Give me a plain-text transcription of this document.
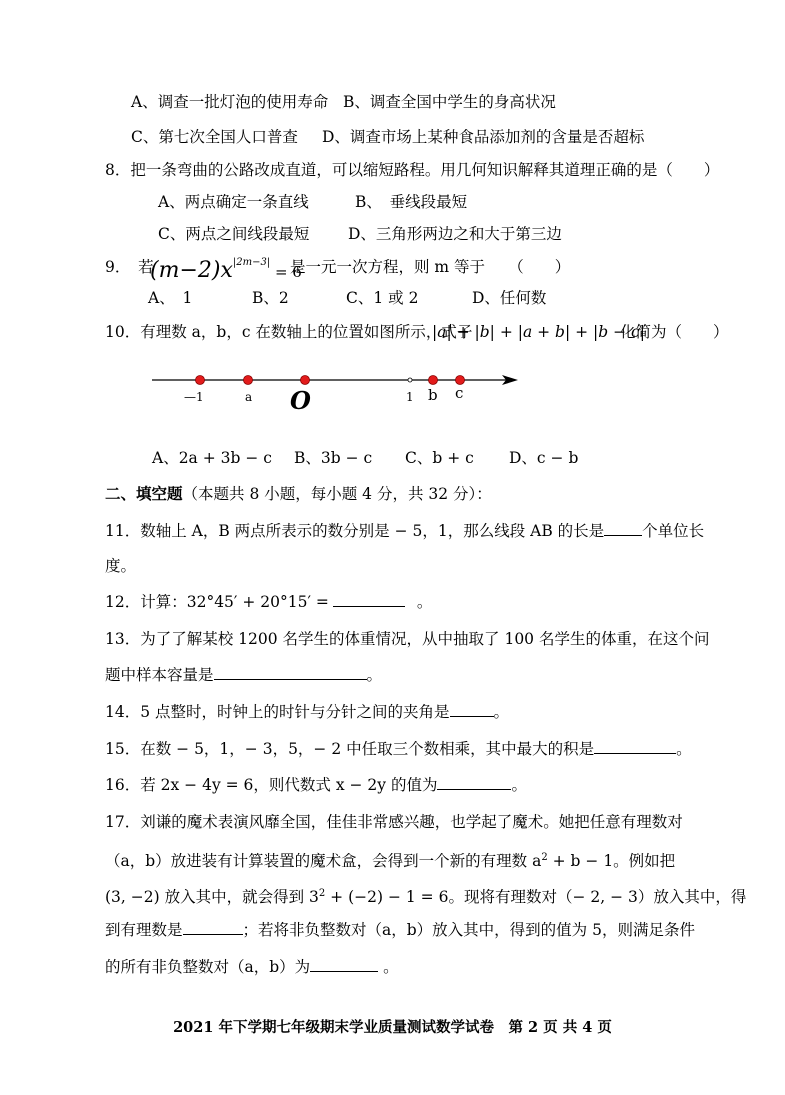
A、调查一批灯泡的使用寿命 B、调查全国中学生的身高状况
C、第七次全国人口普查 D、调查市场上某种食品添加剂的含量是否超标
8．把一条弯曲的公路改成直道，可以缩短路程。用几何知识解释其道理正确的是（　　）
A、两点确定一条直线	B、　垂线段最短
C、两点之间线段最短 D、三角形两边之和大于第三边
9．　若
$(m-2)x^{|2m-3|} = 6$
是一元一次方程，则 m 等于　　（　　）
A、　1	B、2	C、1 或 2	D、任何数
10．有理数 a，b，c 在数轴上的位置如图所示，式子
|a| + |b| + |a + b| + |b − c|
化简为（　　）
—1	a O	1 b c
A、2a + 3b − c B、3b − c C、b + c D、c − b
二、填空题（本题共 8 小题，每小题 4 分，共 32 分）：
11．数轴上 A，B 两点所表示的数分别是 − 5，1，那么线段 AB 的长是 个单位长
度。
12．计算：32°45′ + 20°15′ =	。
13．为了了解某校 1200 名学生的体重情况，从中抽取了 100 名学生的体重，在这个问
题中样本容量是	。
14．5 点整时，时钟上的时针与分针之间的夹角是	。
15．在数 − 5，1，− 3，5，− 2 中任取三个数相乘，其中最大的积是	。
16．若 2x − 4y = 6，则代数式 x − 2y 的值为	。
17．刘谦的魔术表演风靡全国，佳佳非常感兴趣，也学起了魔术。她把任意有理数对
（a，b）放进装有计算装置的魔术盒，会得到一个新的有理数 $a^2 + b - 1$。例如把
(3, −2) 放入其中，就会得到 $3^2 + (-2) - 1 = 6$。现将有理数对（− 2, − 3）放入其中，得
到有理数是	；若将非负整数对（a，b）放入其中，得到的值为 5，则满足条件
的所有非负整数对（a，b）为	。
2021 年下学期七年级期末学业质量测试数学试卷　第 2 页 共 4 页
